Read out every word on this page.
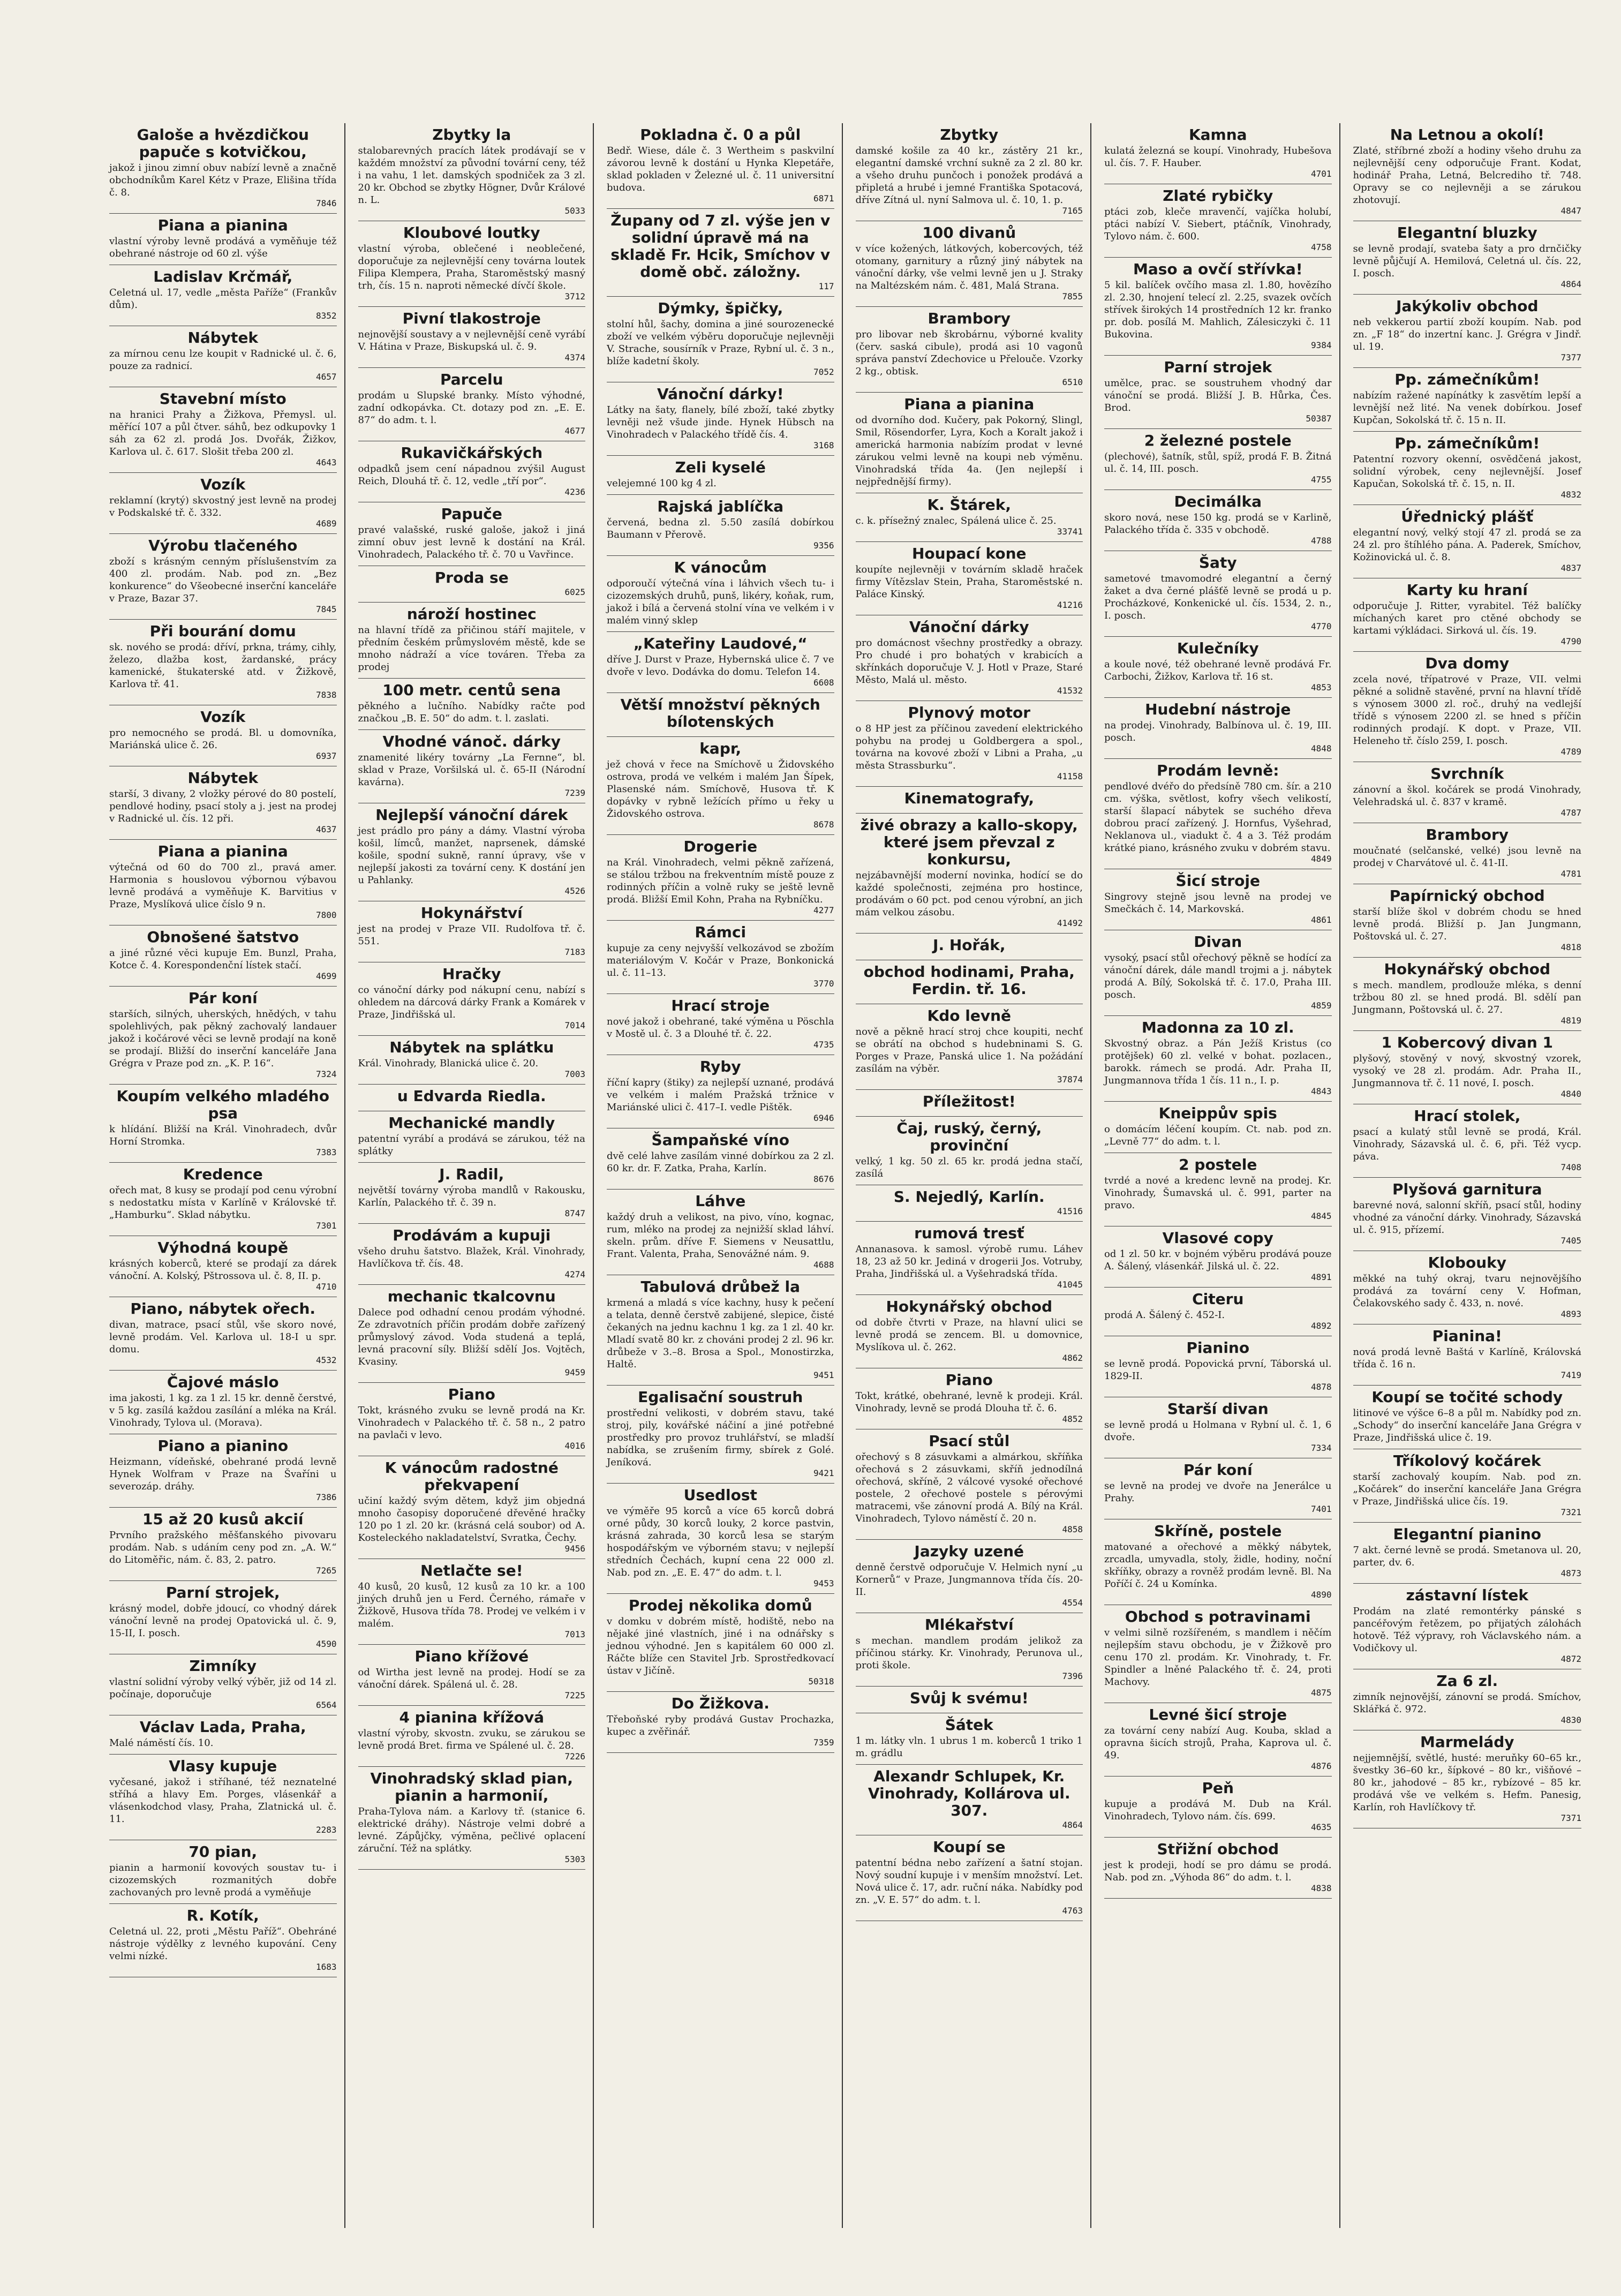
Galoše a hvězdičkou papuče s kotvičkou,
jakož i jinou zimní obuv nabízí levně a značně obchodníkům Karel Kétz v Praze, Elišina třída č. 8.
7846
Piana a pianina
vlastní výroby levně prodává a vyměňuje též obehrané nástroje od 60 zl. výše
Ladislav Krčmář,
Celetná ul. 17, vedle „města Paříže“ (Frankův dům).
8352
Nábytek
za mírnou cenu lze koupit v Radnické ul. č. 6, pouze za radnicí.
4657
Stavební místo
na hranici Prahy a Žižkova, Přemysl. ul. měřící 107 a půl čtver. sáhů, bez odkupovky 1 sáh za 62 zl. prodá Jos. Dvořák, Žižkov, Karlova ul. č. 617. Slošit třeba 200 zl.
4643
Vozík
reklamní (krytý) skvostný jest levně na prodej v Podskalské tř. č. 332.
4689
Výrobu tlačeného
zboží s krásným cenným příslušenstvím za 400 zl. prodám. Nab. pod zn. „Bez konkurence“ do Všeobecné inserční kanceláře v Praze, Bazar 37.
7845
Při bourání domu
sk. nového se prodá: dříví, prkna, trámy, cihly, železo, dlažba kost, žardanské, prácy kamenické, štukaterské atd. v Žižkově, Karlova tř. 41.
7838
Vozík
pro nemocného se prodá. Bl. u domovníka, Mariánská ulice č. 26.
6937
Nábytek
starší, 3 divany, 2 vložky pérové do 80 postelí, pendlové hodiny, psací stoly a j. jest na prodej v Radnické ul. čís. 12 při.
4637
Piana a pianina
výtečná od 60 do 700 zl., pravá amer. Harmonia s houslovou výbornou výbavou levně prodává a vyměňuje K. Barvitius v Praze, Myslíková ulice číslo 9 n.
7800
Obnošené šatstvo
a jiné různé věci kupuje Em. Bunzl, Praha, Kotce č. 4. Korespondenční lístek stačí.
4699
Pár koní
starších, silných, uherských, hnědých, v tahu spolehlivých, pak pěkný zachovalý landauer jakož i kočárové věci se levně prodají na koně se prodají. Bližší do inserční kanceláře Jana Grégra v Praze pod zn. „K. P. 16“.
7324
Koupím velkého mladého psa
k hlídání. Bližší na Král. Vinohradech, dvůr Horní Stromka.
7383
Kredence
ořech mat, 8 kusy se prodají pod cenu výrobní s nedostatku místa v Karlíně v Královské tř. „Hamburku“. Sklad nábytku.
7301
Výhodná koupě
krásných koberců, které se prodají za dárek vánoční. A. Kolský, Pštrossova ul. č. 8, II. p.
4710
Piano, nábytek ořech.
divan, matrace, psací stůl, vše skoro nové, levně prodám. Vel. Karlova ul. 18-I u spr. domu.
4532
Čajové máslo
ima jakosti, 1 kg. za 1 zl. 15 kr. denně čerstvé, v 5 kg. zasílá každou zasílání a mléka na Král. Vinohrady, Tylova ul. (Morava).
Piano a pianino
Heizmann, vídeňské, obehrané prodá levně Hynek Wolfram v Praze na Švaříni u severozáp. dráhy.
7386
15 až 20 kusů akcií
Prvního pražského měšťanského pivovaru prodám. Nab. s udáním ceny pod zn. „A. W.“ do Litoměřic, nám. č. 83, 2. patro.
7265
Parní strojek,
krásný model, dobře jdoucí, co vhodný dárek vánoční levně na prodej Opatovická ul. č. 9, 15-II, I. posch.
4590
Zimníky
vlastní solidní výroby velký výběr, již od 14 zl. počínaje, doporučuje
6564
Václav Lada, Praha,
Malé náměstí čís. 10.
Vlasy kupuje
vyčesané, jakož i stříhané, též neznatelné stříhá a hlavy Em. Porges, vlásenkář a vlásenkodchod vlasy, Praha, Zlatnická ul. č. 11.
2283
70 pian,
pianin a harmonií kovových soustav tu- i cizozemských rozmanitých dobře zachovaných pro levně prodá a vyměňuje
R. Kotík,
Celetná ul. 22, proti „Městu Paříž“. Obehráné nástroje výdělky z levného kupování. Ceny velmi nízké.
1683
Zbytky la
stalobarevných pracích látek prodávají se v každém množství za původní tovární ceny, též i na vahu, 1 let. damských spodniček za 3 zl. 20 kr. Obchod se zbytky Högner, Dvůr Králové n. L.
5033
Kloubové loutky
vlastní výroba, oblečené i neoblečené, doporučuje za nejlevnější ceny továrna loutek Filipa Klempera, Praha, Staroměstský masný trh, čís. 15 n. naproti německé dívčí škole.
3712
Pivní tlakostroje
nejnovější soustavy a v nejlevnější ceně vyrábí V. Hátina v Praze, Biskupská ul. č. 9.
4374
Parcelu
prodám u Slupské branky. Místo výhodné, zadní odkopávka. Ct. dotazy pod zn. „E. E. 87“ do adm. t. l.
4677
Rukavičkářských
odpadků jsem cení nápadnou zvýšil August Reich, Dlouhá tř. č. 12, vedle „tří por“.
4236
Papuče
pravé valašské, ruské galoše, jakož i jiná zimní obuv jest levně k dostání na Král. Vinohradech, Palackého tř. č. 70 u Vavřince.
Proda se
6025
nároží hostinec
na hlavní třídě za přičinou stáří majitele, v předním českém průmyslovém městě, kde se mnoho nádraží a více továren. Třeba za prodej
100 metr. centů sena
pěkného a lučního. Nabídky račte pod značkou „B. E. 50“ do adm. t. l. zaslati.
Vhodné vánoč. dárky
znamenité likéry továrny „La Fernne“, bl. sklad v Praze, Voršilská ul. č. 65-II (Národní kavárna).
7239
Nejlepší vánoční dárek
jest prádlo pro pány a dámy. Vlastní výroba košil, límců, manžet, naprsenek, dámské košile, spodní sukně, ranní úpravy, vše v nejlepší jakosti za tovární ceny. K dostání jen u Pahlanky.
4526
Hokynářství
jest na prodej v Praze VII. Rudolfova tř. č. 551.
7183
Hračky
co vánoční dárky pod nákupní cenu, nabízí s ohledem na dárcová dárky Frank a Komárek v Praze, Jindřišská ul.
7014
Nábytek na splátku
Král. Vinohrady, Blanická ulice č. 20.
7003
u Edvarda Riedla.
Mechanické mandly
patentní vyrábí a prodává se zárukou, též na splátky
J. Radil,
největší továrny výroba mandlů v Rakousku, Karlín, Palackého tř. č. 39 n.
8747
Prodávám a kupuji
všeho druhu šatstvo. Blažek, Král. Vinohrady, Havlíčkova tř. čís. 48.
4274
mechanic tkalcovnu
Dalece pod odhadní cenou prodám výhodné. Ze zdravotních příčin prodám dobře zařízený průmyslový závod. Voda studená a teplá, levná pracovní síly. Bližší sdělí Jos. Vojtěch, Kvasiny.
9459
Piano
Tokt, krásného zvuku se levně prodá na Kr. Vinohradech v Palackého tř. č. 58 n., 2 patro na pavlači v levo.
4016
K vánocům radostné překvapení
učiní každý svým dětem, když jim objedná mnoho časopisy doporučené dřevěné hračky 120 po 1 zl. 20 kr. (krásná celá soubor) od A. Kosteleckého nakladatelství, Svratka, Čechy.
9456
Netlačte se!
40 kusů, 20 kusů, 12 kusů za 10 kr. a 100 jiných druhů jen u Ferd. Černého, rámaře v Žižkově, Husova třída 78. Prodej ve velkém i v malém.
7013
Piano křížové
od Wirtha jest levně na prodej. Hodí se za vánoční dárek. Spálená ul. č. 28.
7225
4 pianina křížová
vlastní výroby, skvostn. zvuku, se zárukou se levně prodá Bret. firma ve Spálené ul. č. 28.
7226
Vinohradský sklad pian, pianin a harmonií,
Praha-Tylova nám. a Karlovy tř. (stanice 6. elektrické dráhy). Nástroje velmi dobré a levné. Zápůjčky, výměna, pečlivé oplacení záruční. Též na splátky.
5303
Pokladna č. 0 a půl
Bedř. Wiese, dále č. 3 Wertheim s paskvilní závorou levně k dostání u Hynka Klepetáře, sklad pokladen v Železné ul. č. 11 universitní budova.
6871
Župany od 7 zl. výše jen v solidní úpravě má na skladě Fr. Hcik, Smíchov v domě obč. záložny.
117
Dýmky, špičky,
stolní hůl, šachy, domina a jiné sourozenecké zboží ve velkém výběru doporučuje nejlevněji V. Strache, sousírník v Praze, Rybní ul. č. 3 n., blíže kadetní školy.
7052
Vánoční dárky!
Látky na šaty, flanely, bílé zboží, také zbytky levněji než všude jinde. Hynek Hübsch na Vinohradech v Palackého třídě čís. 4.
3168
Zeli kyselé
velejemné 100 kg 4 zl.
Rajská jablíčka
červená, bedna zl. 5.50 zasílá dobírkou Baumann v Přerově.
9356
K vánocům
odporoučí výtečná vína i láhvich všech tu- i cizozemských druhů, punš, likéry, koňak, rum, jakož i bílá a červená stolní vína ve velkém i v malém vinný sklep
„Kateřiny Laudové,“
dříve J. Durst v Praze, Hybernská ulice č. 7 ve dvoře v levo. Dodávka do domu. Telefon 14.
6608
Větší množství pěkných bílotenských
kapr,
jež chová v řece na Smíchově u Židovského ostrova, prodá ve velkém i malém Jan Šípek, Plasenské nám. Smíchově, Husova tř. K dopávky v rybně ležících přímo u řeky u Židovského ostrova.
8678
Drogerie
na Král. Vinohradech, velmi pěkně zařízená, se stálou tržbou na frekventním místě pouze z rodinných příčin a volně ruky se ještě levně prodá. Bližší Emil Kohn, Praha na Rybníčku.
4277
Rámci
kupuje za ceny nejvyšší velkozávod se zbožím materiálovým V. Kočár v Praze, Bonkonická ul. č. 11–13.
3770
Hrací stroje
nové jakož i obehrané, také výměna u Pöschla v Mostě ul. č. 3 a Dlouhé tř. č. 22.
4735
Ryby
říční kapry (štiky) za nejlepší uznané, prodává ve velkém i malém Pražská tržnice v Mariánské ulici č. 417–I. vedle Pištěk.
6946
Šampaňské víno
dvě celé lahve zasílám vinné dobírkou za 2 zl. 60 kr. dr. F. Zatka, Praha, Karlín.
8676
Láhve
každý druh a velikost, na pivo, víno, kognac, rum, mléko na prodej za nejnižší sklad láhví. skeln. prům. dříve F. Siemens v Neusattlu, Frant. Valenta, Praha, Senovážné nám. 9.
4688
Tabulová drůbež la
krmená a mladá s více kachny, husy k pečení a telata, denně čerstvě zabijené, slepice, čisté čekaných na jednu kachnu 1 kg. za 1 zl. 40 kr. Mladí svatě 80 kr. z chováni prodej 2 zl. 96 kr. drůbeže v 3.–8. Brosa a Spol., Monostirzka, Haltě.
9451
Egalisační soustruh
prostřední velikosti, v dobrém stavu, také stroj, pily, kovářské náčiní a jiné potřebné prostředky pro provoz truhlářství, se mladší nabídka, se zrušením firmy, sbírek z Golé. Jeníková.
9421
Usedlost
ve výměře 95 korců a více 65 korců dobrá orné půdy, 30 korců louky, 2 korce pastvin, krásná zahrada, 30 korců lesa se starým hospodářským ve výborném stavu; v nejlepší středních Čechách, kupní cena 22 000 zl. Nab. pod zn. „E. E. 47“ do adm. t. l.
9453
Prodej několika domů
v domku v dobrém místě, hodiště, nebo na nějaké jiné vlastních, jiné i na odnářsky s jednou výhodné. Jen s kapitálem 60 000 zl. Ráčte blíže cen Stavitel Jrb. Sprostředkovací ústav v Jičíně.
50318
Do Žižkova.
Třeboňské ryby prodává Gustav Prochazka, kupec a zvěřinář.
7359
Zbytky
damské košile za 40 kr., zástěry 21 kr., elegantní damské vrchní sukně za 2 zl. 80 kr. a všeho druhu punčoch i ponožek prodává a připletá a hrubé i jemné Františka Spotacová, dříve Zítná ul. nyní Salmova ul. č. 10, 1. p.
7165
100 divanů
v více kožených, látkových, kobercových, též otomany, garnitury a různý jiný nábytek na vánoční dárky, vše velmi levně jen u J. Straky na Maltézském nám. č. 481, Malá Strana.
7855
Brambory
pro libovar neb škrobárnu, výborné kvality (červ. saská cibule), prodá asi 10 vagonů správa panství Zdechovice u Přelouče. Vzorky 2 kg., obtisk.
6510
Piana a pianina
od dvorního dod. Kučery, pak Pokorný, Slingl, Smil, Rösendorfer, Lyra, Koch a Koralt jakož i americká harmonia nabízím prodat v levné zárukou velmi levně na koupi neb výměnu. Vinohradská třída 4a. (Jen nejlepší i nejpřednější firmy).
K. Štárek,
c. k. přísežný znalec, Spálená ulice č. 25.
33741
Houpací kone
koupíte nejlevněji v továrním skladě hraček firmy Vítězslav Stein, Praha, Staroměstské n. Paláce Kinský.
41216
Vánoční dárky
pro domácnost všechny prostředky a obrazy. Pro chudé i pro bohatých v krabicích a skřínkách doporučuje V. J. Hotl v Praze, Staré Město, Malá ul. město.
41532
Plynový motor
o 8 HP jest za příčinou zavedení elektrického pohybu na prodej u Goldbergera a spol., továrna na kovové zboží v Libni a Praha, „u města Strassburku“.
41158
Kinematografy,
živé obrazy a kallo-skopy, které jsem převzal z konkursu,
nejzábavnější moderní novinka, hodící se do každé společnosti, zejména pro hostince, prodávám o 60 pct. pod cenou výrobní, an jich mám velkou zásobu.
41492
J. Hořák,
obchod hodinami, Praha, Ferdin. tř. 16.
Kdo levně
nově a pěkně hrací stroj chce koupiti, nechť se obrátí na obchod s hudebninami S. G. Porges v Praze, Panská ulice 1. Na požádání zasílám na výběr.
37874
Příležitost!
Čaj, ruský, černý, provinční
velký, 1 kg. 50 zl. 65 kr. prodá jedna stačí, zasílá
S. Nejedlý, Karlín.
41516
rumová tresť
Annanasova. k samosl. výrobě rumu. Láhev 18, 23 až 50 kr. Jediná v drogerii Jos. Votruby, Praha, Jindřišská ul. a Vyšehradská třída.
41045
Hokynářský obchod
od dobře čtvrti v Praze, na hlavní ulici se levně prodá se zencem. Bl. u domovnice, Myslíkova ul. č. 262.
4862
Piano
Tokt, krátké, obehrané, levně k prodeji. Král. Vinohrady, levně se prodá Dlouha tř. č. 6.
4852
Psací stůl
ořechový s 8 zásuvkami a almárkou, skříňka ořechová s 2 zásuvkami, skříň jednodílná ořechová, skříně, 2 válcové vysoké ořechové postele, 2 ořechové postele s pérovými matracemi, vše zánovní prodá A. Bílý na Král. Vinohradech, Tylovo náměstí č. 20 n.
4858
Jazyky uzené
denně čerstvě odporučuje V. Helmich nyní „u Kornerů“ v Praze, Jungmannova třída čís. 20-II.
4554
Mlékařství
s mechan. mandlem prodám jelikož za příčinou stárky. Kr. Vinohrady, Perunova ul., proti škole.
7396
Svůj k svému!
Šátek
1 m. látky vln. 1 ubrus 1 m. koberců 1 triko 1 m. grádlu
Alexandr Schlupek, Kr. Vinohrady, Kollárova ul. 307.
4864
Koupí se
patentní bédna nebo zařízení a šatní stojan. Nový soudní kupuje i v menším množství. Let. Nová ulice č. 17, adr. ruční náka. Nabídky pod zn. „V. E. 57“ do adm. t. l.
4763
Kamna
kulatá železná se koupí. Vinohrady, Hubešova ul. čís. 7. F. Hauber.
4701
Zlaté rybičky
ptáci zob, kleče mravenčí, vajíčka holubí, ptáci nabízí V. Siebert, ptáčník, Vinohrady, Tylovo nám. č. 600.
4758
Maso a ovčí střívka!
5 kil. balíček ovčího masa zl. 1.80, hovězího zl. 2.30, hnojení telecí zl. 2.25, svazek ovčích střívek širokých 14 prostředních 12 kr. franko pr. dob. posílá M. Mahlich, Zálesiczyki č. 11 Bukovina.
9384
Parní strojek
umělce, prac. se soustruhem vhodný dar vánoční se prodá. Bližší J. B. Hůrka, Čes. Brod.
50387
2 železné postele
(plechové), šatník, stůl, spíž, prodá F. B. Žitná ul. č. 14, III. posch.
4755
Decimálka
skoro nová, nese 150 kg. prodá se v Karlině, Palackého třída č. 335 v obchodě.
4788
Šaty
sametové tmavomodré elegantní a černý žaket a dva černé plášťě levně se prodá u p. Procházkové, Konkenické ul. čís. 1534, 2. n., I. posch.
4770
Kulečníky
a koule nové, též obehrané levně prodává Fr. Carbochi, Žižkov, Karlova tř. 16 st.
4853
Hudební nástroje
na prodej. Vinohrady, Balbínova ul. č. 19, III. posch.
4848
Prodám levně:
pendlové dvéřo do předsíně 780 cm. šír. a 210 cm. výška, světlost, kofry všech velikostí, starší šlapací nábytek se suchého dřeva dobrou prací zařízený. J. Hornfus, Vyšehrad, Neklanova ul., viadukt č. 4 a 3. Též prodám krátké piano, krásného zvuku v dobrém stavu.
4849
Šicí stroje
Singrovy stejně jsou levně na prodej ve Smečkách č. 14, Markovská.
4861
Divan
vysoký, psací stůl ořechový pěkně se hodící za vánoční dárek, dále mandl trojmi a j. nábytek prodá A. Bílý, Sokolská tř. č. 17.0, Praha III. posch.
4859
Madonna za 10 zl.
Skvostný obraz. a Pán Ježíš Kristus (co protějšek) 60 zl. velké v bohat. pozlacen., barokk. rámech se prodá. Adr. Praha II, Jungmannova třída 1 čís. 11 n., I. p.
4843
Kneippův spis
o domácím léčení koupím. Ct. nab. pod zn. „Levně 77“ do adm. t. l.
2 postele
tvrdé a nové a kredenc levně na prodej. Kr. Vinohrady, Šumavská ul. č. 991, parter na pravo.
4845
Vlasové copy
od 1 zl. 50 kr. v bojném výběru prodává pouze A. Šálený, vlásenkář. Jilská ul. č. 22.
4891
Citeru
prodá A. Šálený č. 452-I.
4892
Pianino
se levně prodá. Popovická první, Táborská ul. 1829-II.
4878
Starší divan
se levně prodá u Holmana v Rybní ul. č. 1, 6 dvoře.
7334
Pár koní
se levně na prodej ve dvoře na Jenerálce u Prahy.
7401
Skříně, postele
matované a ořechové a měkký nábytek, zrcadla, umyvadla, stoly, židle, hodiny, noční skříňky, obrazy a rovněž prodám levně. Bl. Na Poříčí č. 24 u Komínka.
4890
Obchod s potravinami
v velmi silně rozšířeném, s mandlem i něčím nejlepším stavu obchodu, je v Žižkově pro cenu 170 zl. prodám. Kr. Vinohrady, t. Fr. Spindler a lněné Palackého tř. č. 24, proti Machovy.
4875
Levné šicí stroje
za tovární ceny nabízí Aug. Kouba, sklad a opravna šicích strojů, Praha, Kaprova ul. č. 49.
4876
Peň
kupuje a prodává M. Dub na Král. Vinohradech, Tylovo nám. čís. 699.
4635
Střižní obchod
jest k prodeji, hodí se pro dámu se prodá. Nab. pod zn. „Výhoda 86“ do adm. t. l.
4838
Na Letnou a okolí!
Zlaté, stříbrné zboží a hodiny všeho druhu za nejlevnější ceny odporučuje Frant. Kodat, hodinář Praha, Letná, Belcrediho tř. 748. Opravy se co nejlevněji a se zárukou zhotovují.
4847
Elegantní bluzky
se levně prodají, svateba šaty a pro drnčičky levně půjčují A. Hemilová, Celetná ul. čís. 22, I. posch.
4864
Jakýkoliv obchod
neb vekkerou partií zboží koupím. Nab. pod zn. „F 18“ do inzertní kanc. J. Grégra v Jindř. ul. 19.
7377
Pp. zámečníkům!
nabízím ražené napínátky k zasvětím lepší a levnější než lité. Na venek dobírkou. Josef Kupčan, Sokolská tř. č. 15 n. II.
Pp. zámečníkům!
Patentní rozvory okenní, osvědčená jakost, solidní výrobek, ceny nejlevnější. Josef Kapučan, Sokolská tř. č. 15, n. II.
4832
Úřednický plášť
elegantní nový, velký stojí 47 zl. prodá se za 24 zl. pro štíhlého pána. A. Paderek, Smíchov, Kožinovická ul. č. 8.
4837
Karty ku hraní
odporučuje J. Ritter, vyrabitel. Též balíčky míchaných karet pro ctěné obchody se kartami výkládaci. Sirková ul. čís. 19.
4790
Dva domy
zcela nové, třípatrové v Praze, VII. velmi pěkné a solidně stavěné, první na hlavní třídě s výnosem 3000 zl. roč., druhý na vedlejší třídě s výnosem 2200 zl. se hned s příčin rodinných prodají. K dopt. v Praze, VII. Heleneho tř. číslo 259, I. posch.
4789
Svrchník
zánovní a škol. kočárek se prodá Vinohrady, Velehradská ul. č. 837 v kramě.
4787
Brambory
moučnaté (selčanské, velké) jsou levně na prodej v Charvátové ul. č. 41-II.
4781
Papírnický obchod
starší blíže škol v dobrém chodu se hned levně prodá. Bližší p. Jan Jungmann, Poštovská ul. č. 27.
4818
Hokynářský obchod
s mech. mandlem, prodlouže mléka, s denní tržbou 80 zl. se hned prodá. Bl. sdělí pan Jungmann, Poštovská ul. č. 27.
4819
1 Kobercový divan 1
plyšový, stověný v nový, skvostný vzorek, vysoký ve 28 zl. prodám. Adr. Praha II., Jungmannova tř. č. 11 nové, I. posch.
4840
Hrací stolek,
psací a kulatý stůl levně se prodá, Král. Vinohrady, Sázavská ul. č. 6, při. Též vycp. páva.
7408
Plyšová garnitura
barevné nová, salonní skříň, psací stůl, hodiny vhodné za vánoční dárky. Vinohrady, Sázavská ul. č. 915, přízemí.
7405
Klobouky
měkké na tuhý okraj, tvaru nejnovějšího prodává za tovární ceny V. Hofman, Čelakovského sady č. 433, n. nové.
4893
Pianina!
nová prodá levně Baštá v Karlíně, Královská třída č. 16 n.
7419
Koupí se točité schody
litinové ve výšce 6–8 a půl m. Nabídky pod zn. „Schody“ do inserční kanceláře Jana Grégra v Praze, Jindřišská ulice č. 19.
Tříkolový kočárek
starší zachovalý koupím. Nab. pod zn. „Kočárek“ do inserční kanceláře Jana Grégra v Praze, Jindřišská ulice čís. 19.
7321
Elegantní pianino
7 akt. černé levně se prodá. Smetanova ul. 20, parter, dv. 6.
4873
zástavní lístek
Prodám na zlaté remontérky pánské s pancéřovým řetězem, po přijatých zálohách hotově. Též výpravy, roh Václavského nám. a Vodičkovy ul.
4872
Za 6 zl.
zimník nejnovější, zánovní se prodá. Smíchov, Sklářká č. 972.
4830
Marmelády
nejjemnější, světlé, husté: meruňky 60–65 kr., švestky 36–60 kr., šípkové – 80 kr., višňové – 80 kr., jahodové – 85 kr., rybízové – 85 kr. prodává vše ve velkém s. Hefm. Panesig, Karlín, roh Havlíčkovy tř.
7371
